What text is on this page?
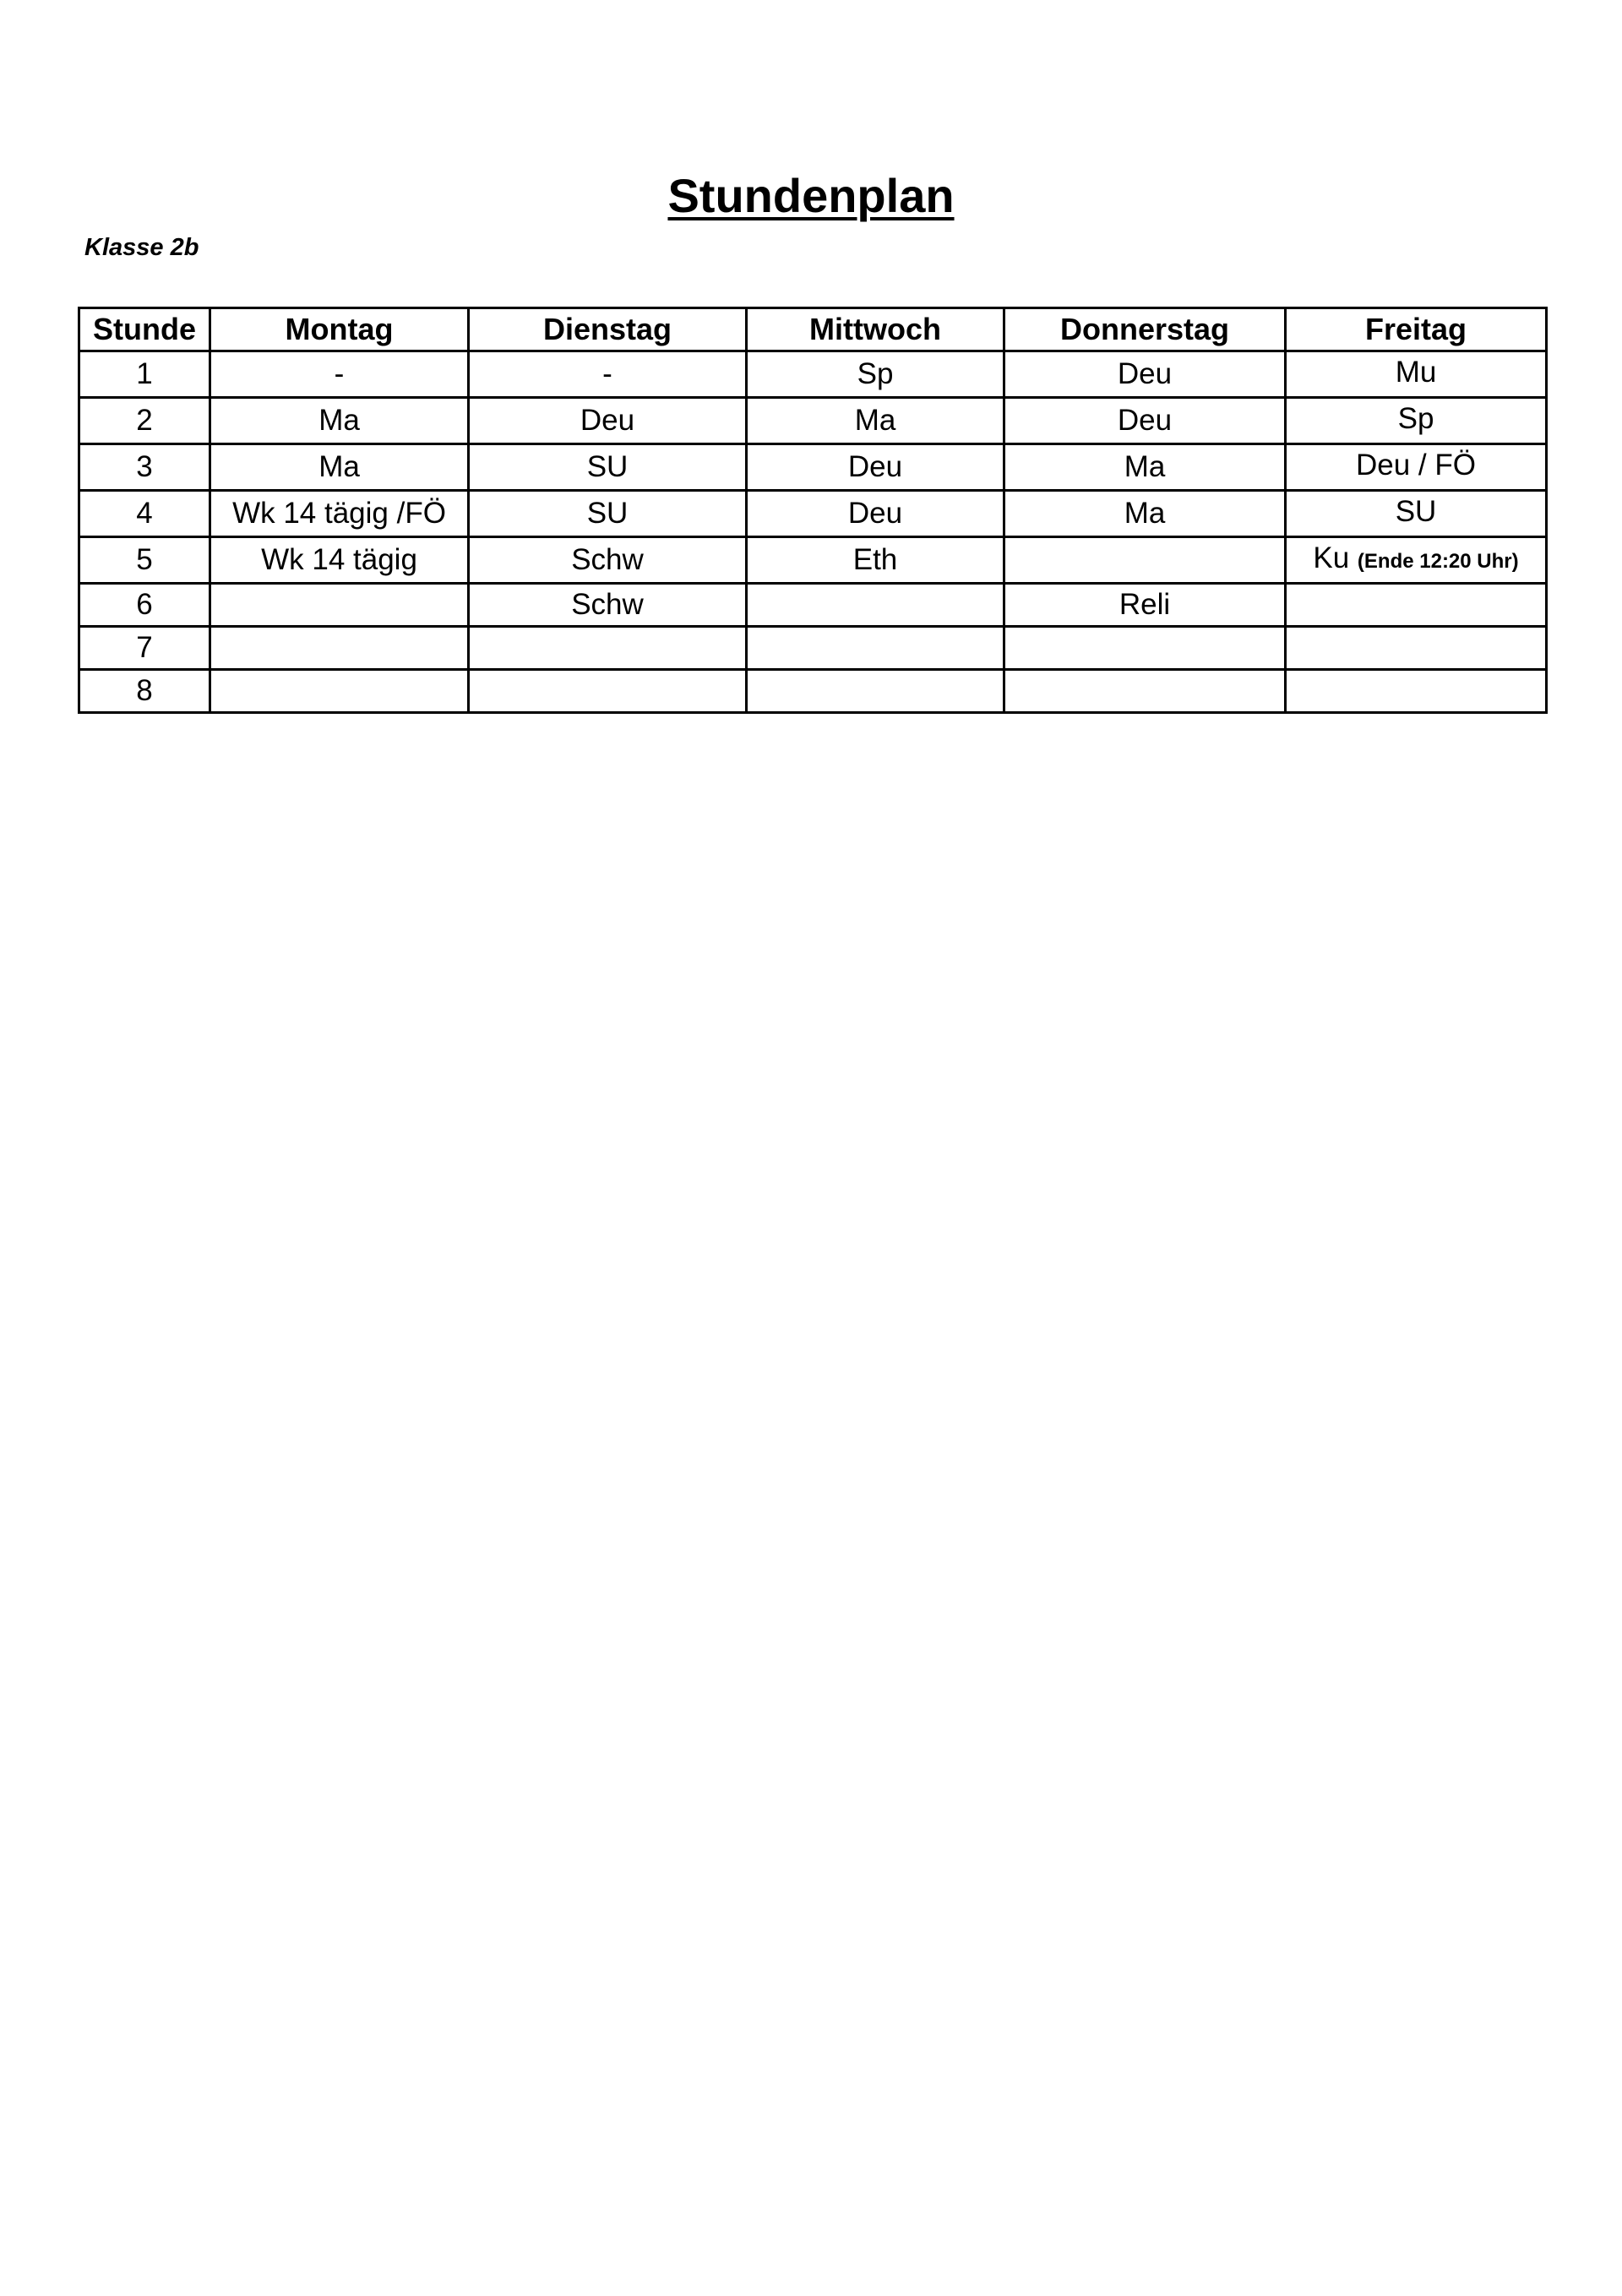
Stundenplan
Klasse 2b
Stunde	Montag	Dienstag	Mittwoch	Donnerstag	Freitag
1	-	-	Sp	Deu	Mu
2	Ma	Deu	Ma	Deu	Sp
3	Ma	SU	Deu	Ma	Deu / FÖ
4	Wk 14 tägig /FÖ	SU	Deu	Ma	SU
5	Wk 14 tägig	Schw	Eth		Ku (Ende 12:20 Uhr)
6		Schw		Reli	
7					
8					
